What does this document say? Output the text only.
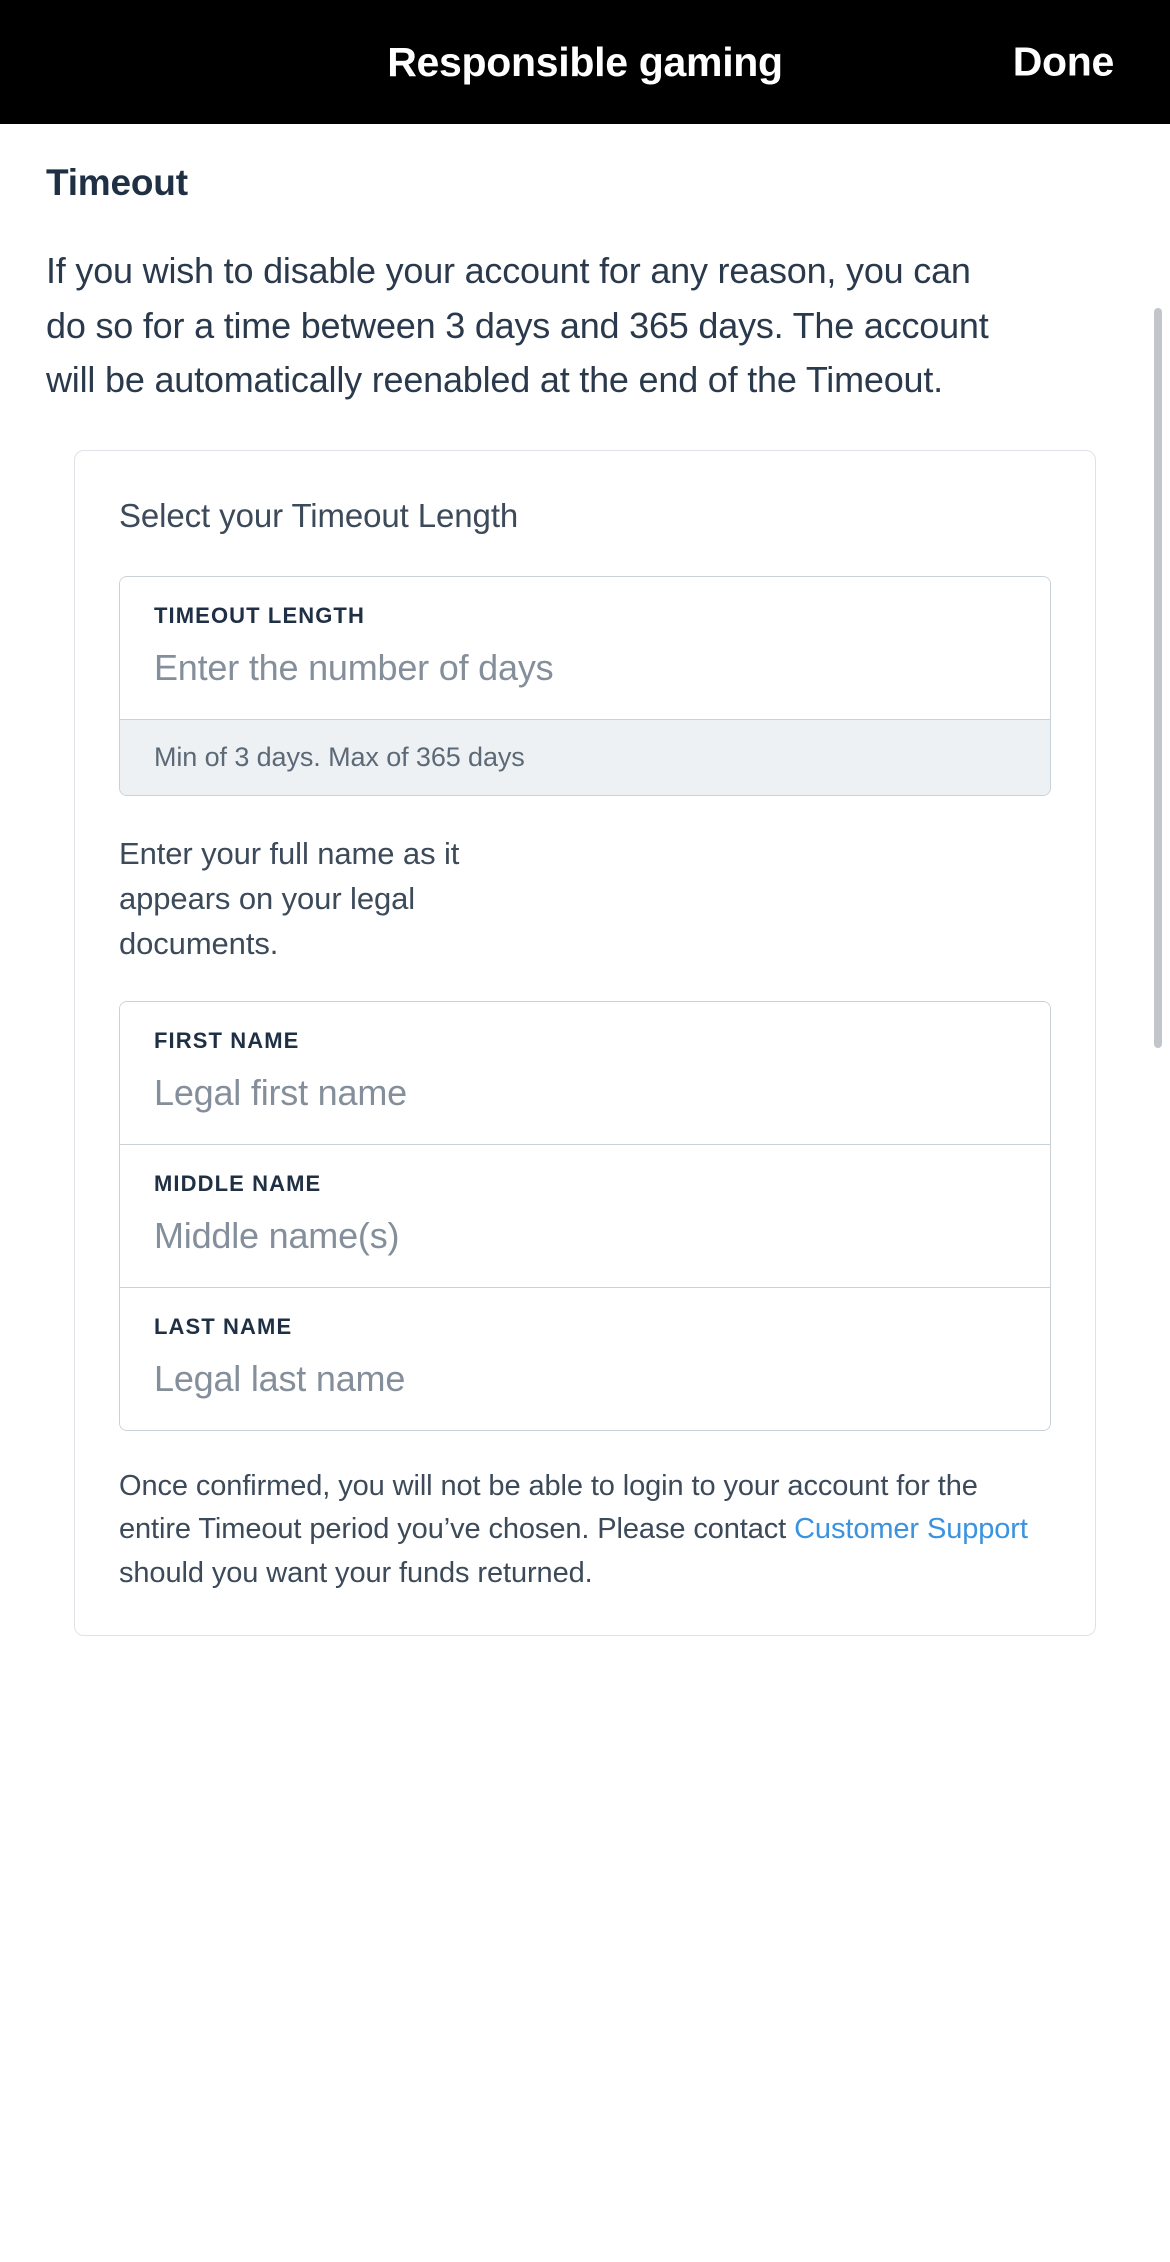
Responsible gaming	Done
Timeout

If you wish to disable your account for any reason, you can do so for a time between 3 days and 365 days. The account will be automatically reenabled at the end of the Timeout.

Select your Timeout Length
TIMEOUT LENGTH
Enter the number of days
Min of 3 days. Max of 365 days

Enter your full name as it appears on your legal documents.

FIRST NAME
Legal first name
MIDDLE NAME
Middle name(s)
LAST NAME
Legal last name

Once confirmed, you will not be able to login to your account for the entire Timeout period you’ve chosen. Please contact Customer Support should you want your funds returned.
